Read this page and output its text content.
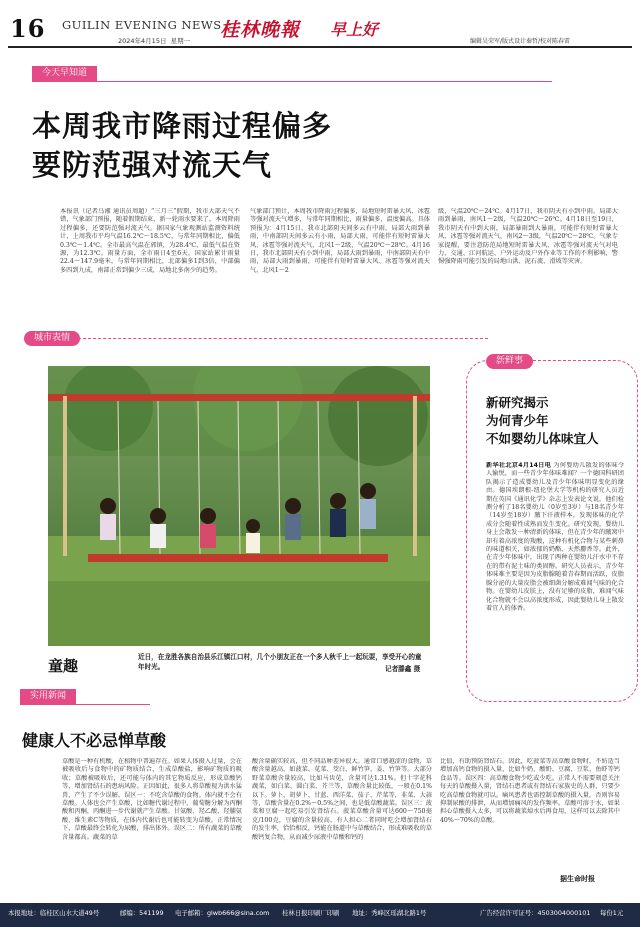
16 GUILIN EVENING NEWS
2024年4月15日 星期一 桂林晚報 早上好
编辑吴荣军/版式设计秦哲/校对陈春雷
今天早知道
本周我市降雨过程偏多
要防范强对流天气
本报讯（记者乌湘 通讯员周超）“三月三”假期，我市大部天气不错，气象部门预报，随着假期结束，新一轮雨水要来了，本周降雨过程偏多，还要防范强对流天气。据国家气象观测站监测资料统计，上周我市平均气温16.2℃～18.5℃，与常年同期相比，偏低0.3℃～1.4℃。全市最高气温在郭镇，为28.4℃，最低气温在资源，为12.3℃。雨量方面，全市雨日4至6天，国家站累计雨量22.4～147.9毫米，与常年同期相比，北部偏多1到3倍，中部偏多四到九成，南部正常到偏少三成，局地北多南少的趋势。
气象部门预计，本周我市降雨过程偏多，局地短时雷暴大风、冰雹等强对流天气增多，与常年同期相比，雨量偏多，温度偏高。具体预报为：4月15日，我市北部阴天间多云有中雨，局部大雨到暴雨，中南部阴天间多云有小雨，局部大雨，可能伴有短时雷暴大风、冰雹等强对流天气，北风1～2级，气温20℃～28℃。4月16日，我市北部阴天有小到中雨，局部大雨到暴雨，中南部阴天有中雨，局部大雨到暴雨，可能伴有短时雷暴大风、冰雹等强对流天气，北风1～2
级，气温20℃～24℃。4月17日，我市阴天有小到中雨，局部大雨到暴雨，南风1～2级，气温20℃～26℃。4月18日至19日，我市阴天有中到大雨，局部暴雨到大暴雨，可能伴有短时雷暴大风、冰雹等强对流天气，南风2～3级，气温20℃～28℃。气象专家提醒，要注意防范局地短时雷暴大风、冰雹等强对流天气对电力、交通、江河航运、户外运动及户外作业等工作的不利影响，警惕强降雨可能引发的局地山洪、泥石流、滑坡等灾害。
城市表情
童趣	近日，在龙胜各族自治县乐江镇江口村，几个小朋友正在一个多人秋千上一起玩耍，享受开心的童年时光。	记者滕鑫 摄
新鲜事
新研究揭示
为何青少年
不如婴幼儿体味宜人
新华社北京4月14日电 为何婴幼儿散发的体味令人愉悦，而一些青少年体味难闻？一个德国科研团队揭示了造成婴幼儿及青少年体味明显变化的缘由。德国埃朗根-纽伦堡大学等机构的研究人员近期在英国《通讯化学》杂志上发表论文说，他们检测分析了18名婴幼儿（0岁至3岁）与18名青少年（14岁至18岁）腋下汗液样本，发现体味的化学成分会随着性成熟而发生变化。研究发现，婴幼儿身上会散发一种清新的体味，但在青少年的腋窝中却有着高浓度的羧酸，这种有机化合物与某些刺鼻的味道相关，如浓郁的奶酪、天然麝香等。此外，在青少年体味中，出现了两种在婴幼儿汗水中不存在的带有泥土味的类固醇。研究人员表示，青少年体味难主要是因为皮脂腺随着青春期而活跃，皮脂腺分泌的大量皮脂会被细菌分解成难闻气味的化合物。在婴幼儿皮肤上，没有足够的皮脂，难闻气味化合物就不会以高浓度形成，因此婴幼儿身上散发着宜人的体香。
实用新闻
健康人不必忌惮草酸
草酸是一种有机酸，在植物中普遍存在。如果人体摄入过量，会在被吸收后与食物中的矿物质结合，生成草酸盐，影响矿物质的吸收；草酸被吸收后，还可能与体内的其它物质反应，形成草酸钙等，增加肾结石的患病风险。正因如此，很多人将草酸视为洪水猛兽，产生了不少误解。误区一：不吃含草酸的食物。体内就不会有草酸。人体也会产生草酸，比如糖代谢过程中，葡萄糖分解为丙酮酸和丙酮，丙酮进一步代谢就产生草酸。甘氨酸、羟乙酸、羟脯氨酸、维生素C等物质，在体内代谢后也可能转变为草酸。正常情况下，草酸最终会转化为尿酸，排出体外。误区二：所有蔬菜的草酸含量都高。蔬菜的草
酸含量确实较高，但不同品种差异很大。通常口感越涩的食物，草酸含量越高，如菠菜、苋菜、茭白、鲜竹笋、姜、竹笋等。大部分野菜草酸含量较高，比如马齿苋，含量可达1.31%。但十字花科蔬菜，如白菜、圆白菜、芥兰等，草酸含量比较低，一般在0.1%以下。萝卜、胡萝卜、甘蓝、西洋菜、茄子、芹菜等，韭菜、大蒜等，草酸含量在0.2%～0.5%之间，也是低草酸蔬菜。误区三：菠菜和豆腐一起吃易引发肾结石。菠菜草酸含量可达600～750毫克/100克，豆腐的含量较高，有人担心二者同时吃会增加肾结石的发生率，恰恰相反，钙能在肠道中与草酸结合，形成难吸收的草酸钙复合物，从而减少尿液中草酸和钙的
比值，有助预防肾结石。因此，吃菠菜等高草酸食物时，不妨适当增加高钙食物的摄入量，比如牛奶、酸奶、豆腐、豆浆、鱼虾等钙食品等。误区四：高草酸食物少吃或少吃。正常人不需要刻意关注每天的草酸摄入量，肾结石患者或有肾结石家族史的人群，只要少吃高草酸食物就可以。痛风患者也需控制草酸的摄入量，否则容易抑制尿酸的排泄，从而增加痛风的发作频率。草酸可溶于水，如果担心草酸摄入太多，可以将蔬菜焯水后再食用，这样可以去除其中40%～70%的草酸。
据生命时报
本报地址：临桂区山水大道49号	邮编：541199 电子邮箱：glwb666@sina.com 桂林日报印刷厂印刷 地址：秀峰区瑶湖北路1号	广告经营许可证号：4503004000101 每份1元
